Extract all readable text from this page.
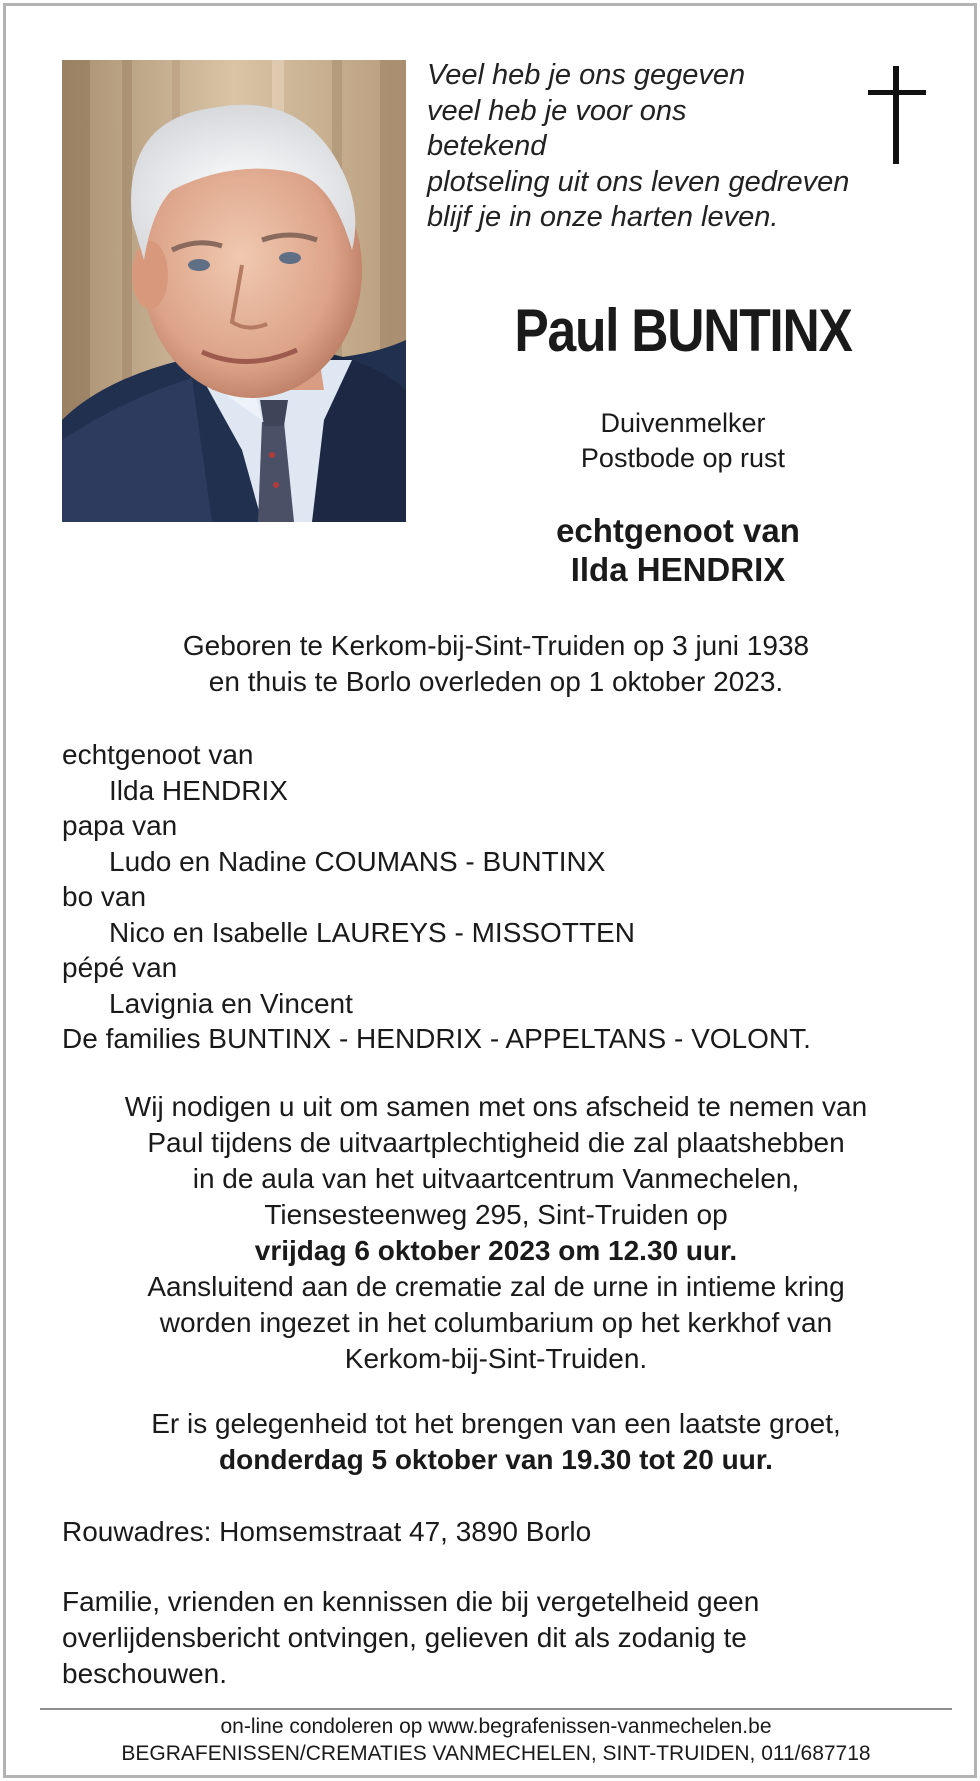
Veel heb je ons gegeven
veel heb je voor ons
betekend
plotseling uit ons leven gedreven
blijf je in onze harten leven.
Paul BUNTINX
Duivenmelker
Postbode op rust
echtgenoot van
Ilda HENDRIX
Geboren te Kerkom-bij-Sint-Truiden op 3 juni 1938
en thuis te Borlo overleden op 1 oktober 2023.
echtgenoot van
Ilda HENDRIX
papa van
Ludo en Nadine COUMANS - BUNTINX
bo van
Nico en Isabelle LAUREYS - MISSOTTEN
pépé van
Lavignia en Vincent
De families BUNTINX - HENDRIX - APPELTANS - VOLONT.
Wij nodigen u uit om samen met ons afscheid te nemen van
Paul tijdens de uitvaartplechtigheid die zal plaatshebben
in de aula van het uitvaartcentrum Vanmechelen,
Tiensesteenweg 295, Sint-Truiden op
vrijdag 6 oktober 2023 om 12.30 uur.
Aansluitend aan de crematie zal de urne in intieme kring
worden ingezet in het columbarium op het kerkhof van
Kerkom-bij-Sint-Truiden.
Er is gelegenheid tot het brengen van een laatste groet,
donderdag 5 oktober van 19.30 tot 20 uur.
Rouwadres: Homsemstraat 47, 3890 Borlo
Familie, vrienden en kennissen die bij vergetelheid geen overlijdensbericht ontvingen, gelieven dit als zodanig te beschouwen.
on-line condoleren op www.begrafenissen-vanmechelen.be
BEGRAFENISSEN/CREMATIES VANMECHELEN, SINT-TRUIDEN, 011/687718
